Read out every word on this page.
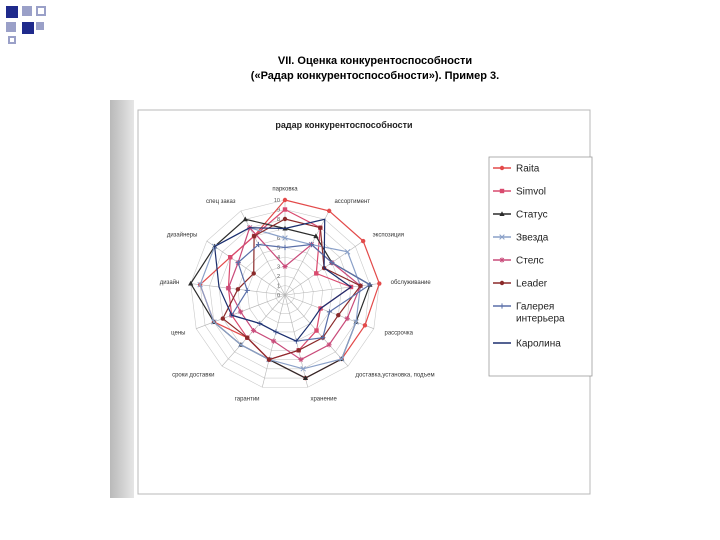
VII. Оценка конкурентоспособности
(«Радар конкурентоспособности»). Пример 3.
радар конкурентоспособности
0
1
2
3
4
5
6
7
8
9
10
парковка
ассортимент
экспозиция
обслуживание
рассрочка
доставка,установка, подъем
хранение
гарантии
сроки доставки
цены
дизайн
дизайнеры
спец заказ
Raita
Simvol
Статус
Звезда
Стелс
Leader
Галерея интерьера
Каролина
